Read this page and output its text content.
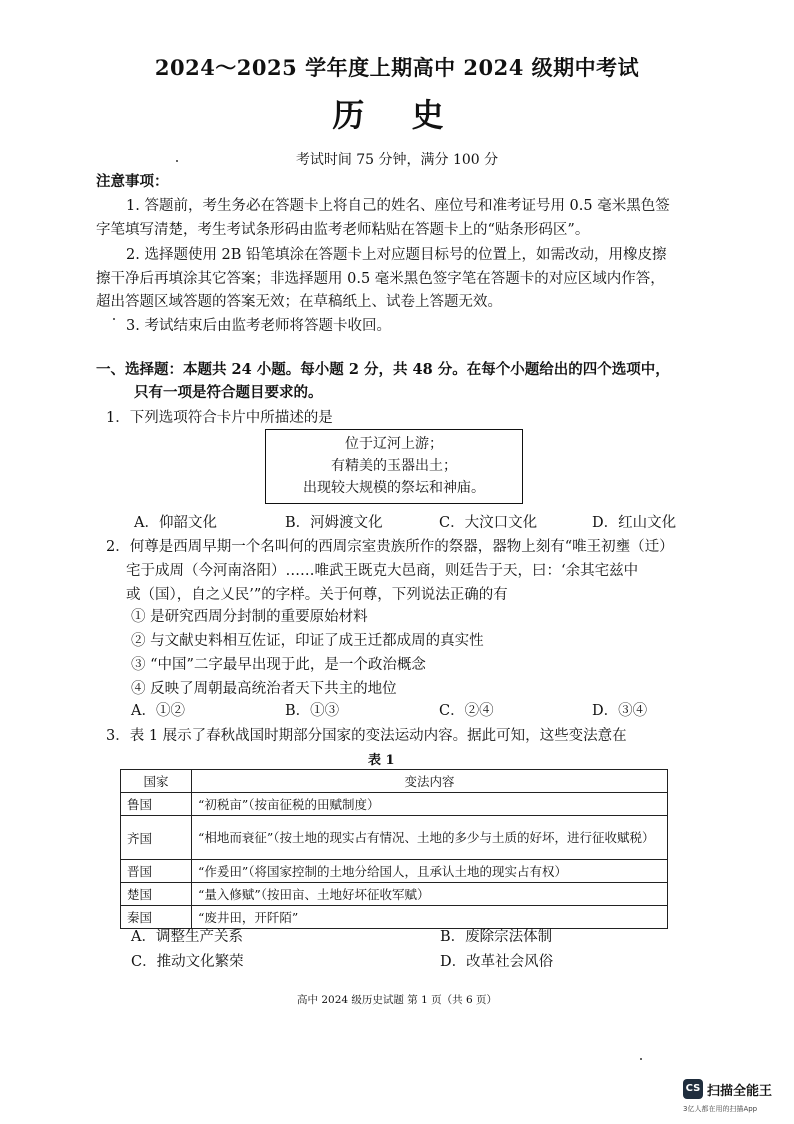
2024～2025 学年度上期高中 2024 级期中考试
历 史
考试时间 75 分钟，满分 100 分
注意事项：
1. 答题前，考生务必在答题卡上将自己的姓名、座位号和准考证号用 0.5 毫米黑色签
字笔填写清楚，考生考试条形码由监考老师粘贴在答题卡上的“贴条形码区”。
2. 选择题使用 2B 铅笔填涂在答题卡上对应题目标号的位置上，如需改动，用橡皮擦
擦干净后再填涂其它答案；非选择题用 0.5 毫米黑色签字笔在答题卡的对应区域内作答，
超出答题区域答题的答案无效；在草稿纸上、试卷上答题无效。
3. 考试结束后由监考老师将答题卡收回。
一、选择题：本题共 24 小题。每小题 2 分，共 48 分。在每个小题给出的四个选项中，
只有一项是符合题目要求的。
1．下列选项符合卡片中所描述的是
位于辽河上游；
有精美的玉器出土；
出现较大规模的祭坛和神庙。
A．仰韶文化	B．河姆渡文化	C．大汶口文化	D．红山文化
2．何尊是西周早期一个名叫何的西周宗室贵族所作的祭器，器物上刻有“唯王初壅（迁）
宅于成周（今河南洛阳）……唯武王既克大邑商，则廷告于天，曰：‘余其宅兹中
或（国），自之乂民’”的字样。关于何尊，下列说法正确的有
① 是研究西周分封制的重要原始材料
② 与文献史料相互佐证，印证了成王迁都成周的真实性
③ “中国”二字最早出现于此，是一个政治概念
④ 反映了周朝最高统治者天下共主的地位
A．①②	B．①③	C．②④	D．③④
3．表 1 展示了春秋战国时期部分国家的变法运动内容。据此可知，这些变法意在
表 1
国家	变法内容
鲁国	“初税亩”（按亩征税的田赋制度）
齐国	“相地而衰征”（按土地的现实占有情况、土地的多少与土质的好坏，进行征收赋税）
晋国	“作爰田”（将国家控制的土地分给国人，且承认土地的现实占有权）
楚国	“量入修赋”（按田亩、土地好坏征收军赋）
秦国	“废井田，开阡陌”
A．调整生产关系	B．废除宗法体制
C．推动文化繁荣	D．改革社会风俗
高中 2024 级历史试题 第 1 页（共 6 页）
CS 扫描全能王
3亿人都在用的扫描App
